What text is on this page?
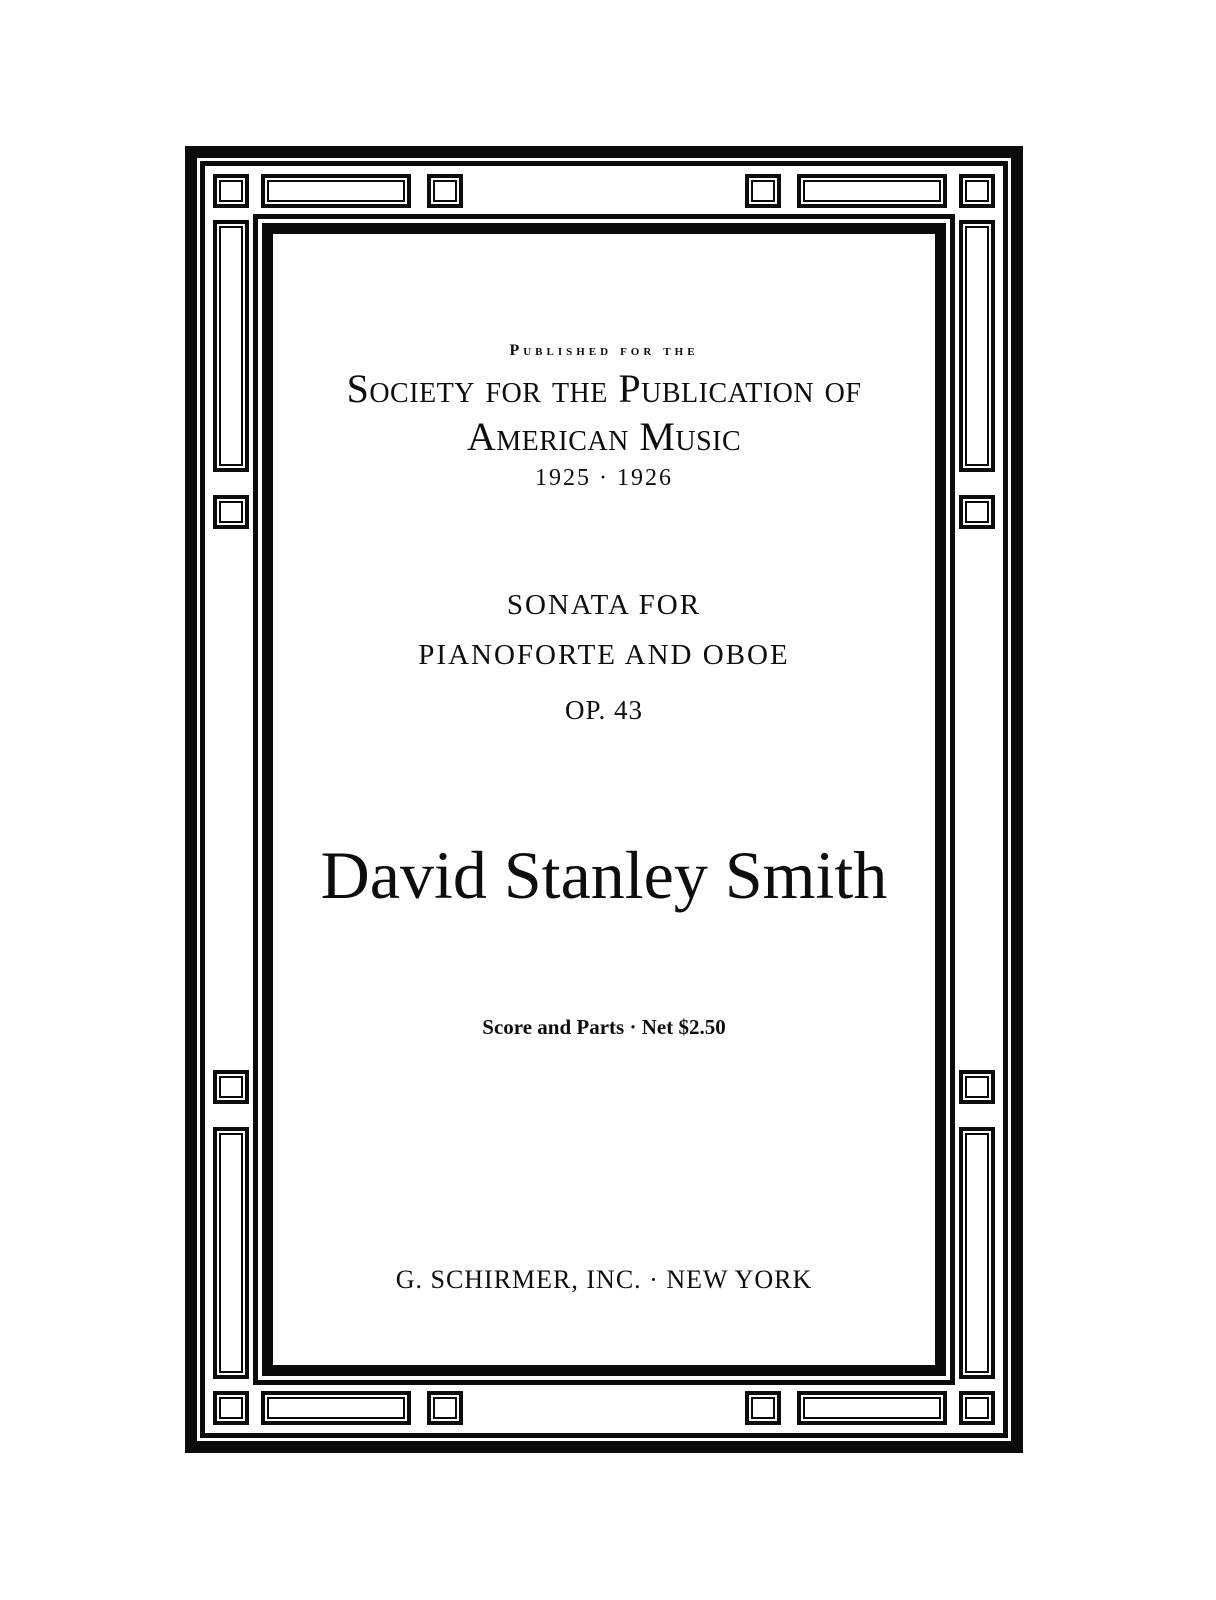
Published for the
Society for the Publication of
American Music
1925 · 1926
SONATA FOR
PIANOFORTE AND OBOE
OP. 43
David Stanley Smith
Score and Parts · Net $2.50
G. SCHIRMER, INC. · NEW YORK
